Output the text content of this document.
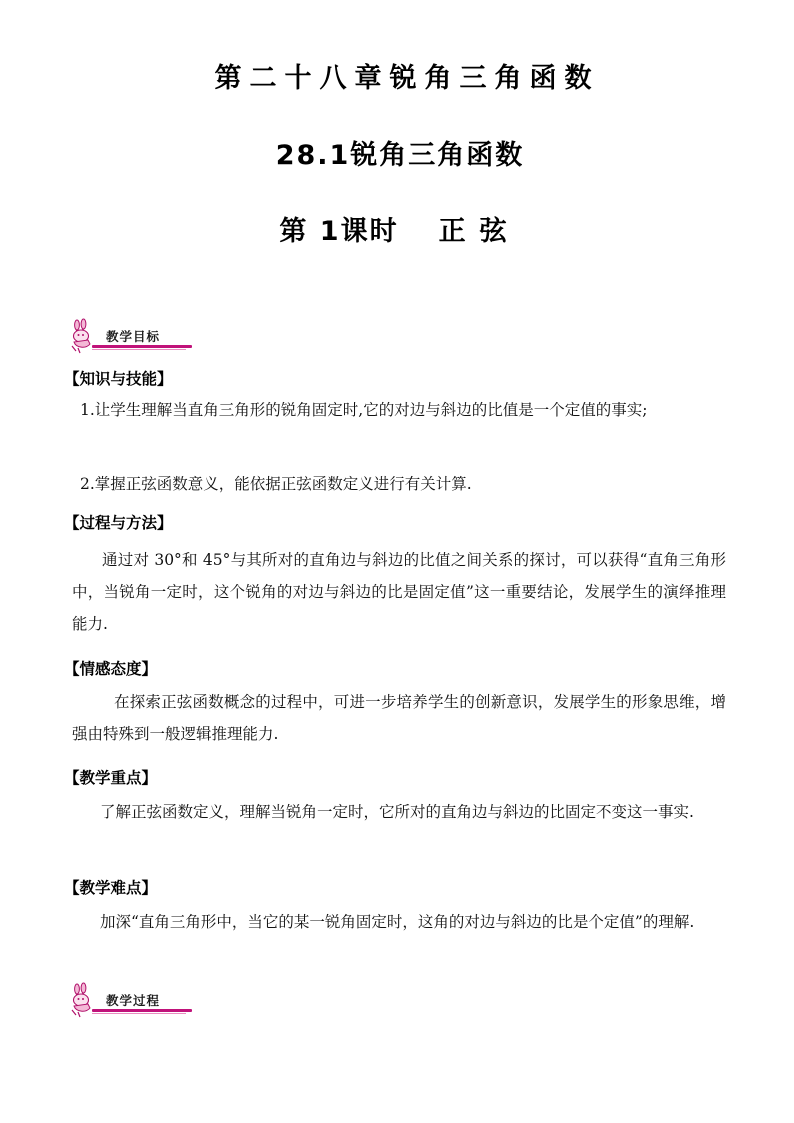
第二十八章锐角三角函数
28.1锐角三角函数
第 1课时 正弦
教学目标
【知识与技能】
1.让学生理解当直角三角形的锐角固定时,它的对边与斜边的比值是一个定值的事实;
2.掌握正弦函数意义，能依据正弦函数定义进行有关计算.
【过程与方法】
通过对 30°和 45°与其所对的直角边与斜边的比值之间关系的探讨，可以获得“直角三角形中，当锐角一定时，这个锐角的对边与斜边的比是固定值”这一重要结论，发展学生的演绎推理能力.
【情感态度】
在探索正弦函数概念的过程中，可进一步培养学生的创新意识，发展学生的形象思维，增强由特殊到一般逻辑推理能力.
【教学重点】
了解正弦函数定义，理解当锐角一定时，它所对的直角边与斜边的比固定不变这一事实.
【教学难点】
加深“直角三角形中，当它的某一锐角固定时，这角的对边与斜边的比是个定值”的理解.
教学过程
